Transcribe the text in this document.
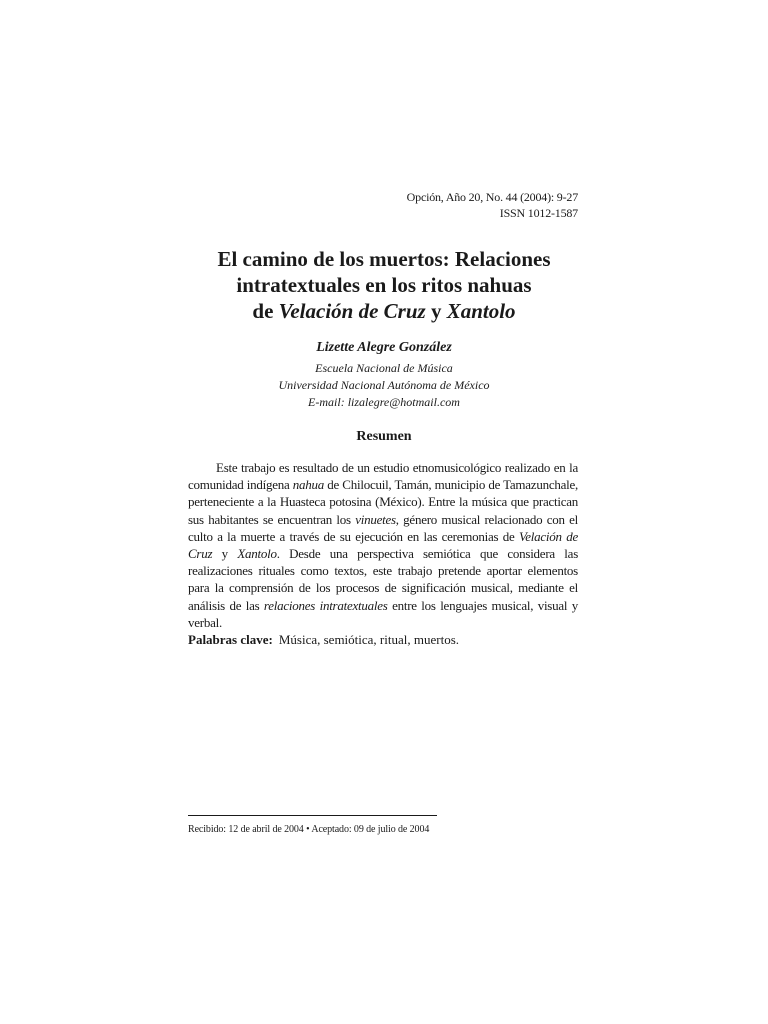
Opción, Año 20, No. 44 (2004): 9-27
ISSN 1012-1587
El camino de los muertos: Relaciones
intratextuales en los ritos nahuas
de Velación de Cruz y Xantolo
Lizette Alegre González
Escuela Nacional de Música
Universidad Nacional Autónoma de México
E-mail: lizalegre@hotmail.com
Resumen

Este trabajo es resultado de un estudio etnomusicológico realizado en la comunidad indígena nahua de Chilocuil, Tamán, municipio de Tamazunchale, perteneciente a la Huasteca potosina (México). Entre la música que practican sus habitantes se encuentran los vinuetes, género musical relacionado con el culto a la muerte a través de su ejecución en las ceremonias de Velación de Cruz y Xantolo. Desde una perspectiva semiótica que considera las realizaciones rituales como textos, este trabajo pretende aportar elementos para la comprensión de los procesos de significación musical, mediante el análisis de las relaciones intratextuales entre los lenguajes musical, visual y verbal.

Palabras clave: Música, semiótica, ritual, muertos.
Recibido: 12 de abril de 2004 • Aceptado: 09 de julio de 2004
